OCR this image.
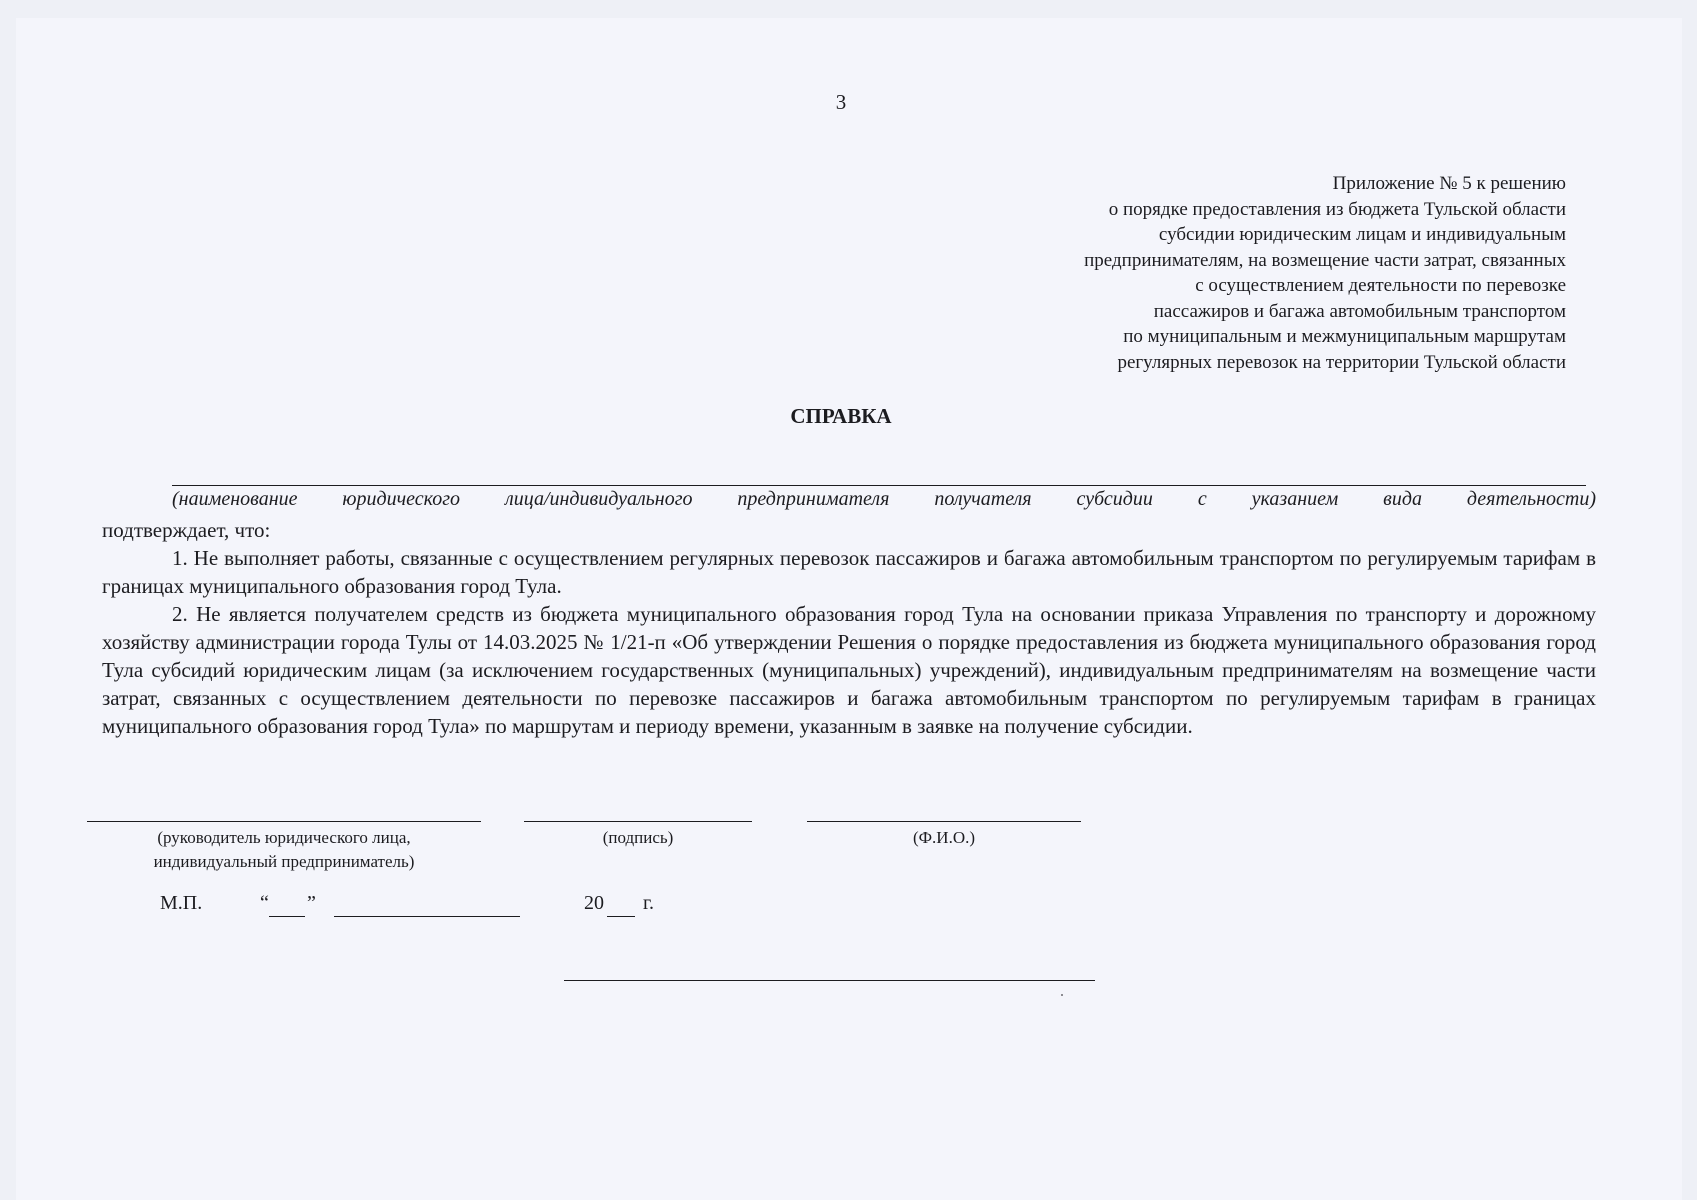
3
Приложение № 5 к решению
о порядке предоставления из бюджета Тульской области
субсидии юридическим лицам и индивидуальным
предпринимателям, на возмещение части затрат, связанных
с осуществлением деятельности по перевозке
пассажиров и багажа автомобильным транспортом
по муниципальным и межмуниципальным маршрутам
регулярных перевозок на территории Тульской области
СПРАВКА
(наименование юридического лица/индивидуального предпринимателя получателя субсидии с указанием вида деятельности)

подтверждает, что:

1. Не выполняет работы, связанные с осуществлением регулярных перевозок пассажиров и багажа автомобильным транспортом по регулируемым тарифам в границах муниципального образования город Тула.

2. Не является получателем средств из бюджета муниципального образования город Тула на основании приказа Управления по транспорту и дорожному хозяйству администрации города Тулы от 14.03.2025 № 1/21-п «Об утверждении Решения о порядке предоставления из бюджета муниципального образования город Тула субсидий юридическим лицам (за исключением государственных (муниципальных) учреждений), индивидуальным предпринимателям на возмещение части затрат, связанных с осуществлением деятельности по перевозке пассажиров и багажа автомобильным транспортом по регулируемым тарифам в границах муниципального образования город Тула» по маршрутам и периоду времени, указанным в заявке на получение субсидии.

(руководитель юридического лица,
индивидуальный предприниматель)
(подпись)	(Ф.И.О.)
М.П.	“ ”	20 г.
